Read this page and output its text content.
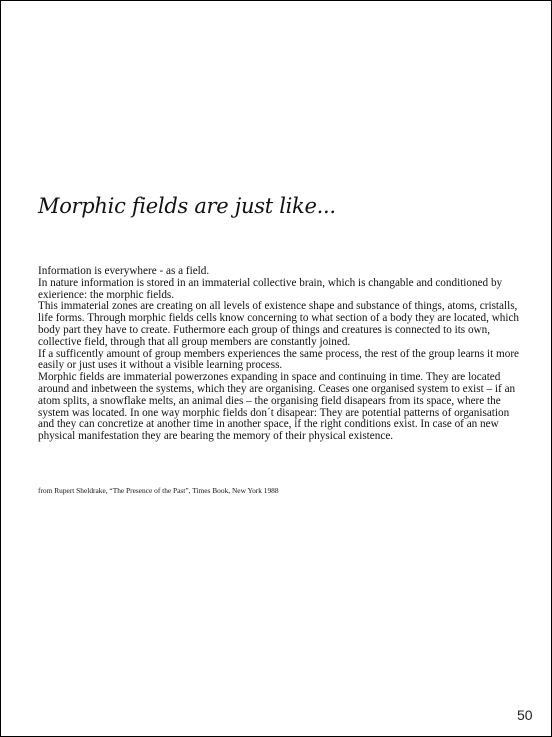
Morphic fields are just like...

Information is everywhere - as a field.

In nature information is stored in an immaterial collective brain, which is changable and conditioned by exierience: the morphic fields.

This immaterial zones are creating on all levels of existence shape and substance of things, atoms, cristalls, life forms. Through morphic fields cells know concerning to what section of a body they are located, which body part they have to create. Futhermore each group of things and creatures is connected to its own, collective field, through that all group members are constantly joined.

If a sufficently amount of group members experiences the same process, the rest of the group learns it more easily or just uses it without a visible learning process.

Morphic fields are immaterial powerzones expanding in space and continuing in time. They are located around and inbetween the systems, which they are organising. Ceases one organised system to exist – if an atom splits, a snowflake melts, an animal dies – the organising field disapears from its space, where the system was located. In one way morphic fields don´t disapear: They are potential patterns of organisation and they can concretize at another time in another space, if the right conditions exist. In case of an new physical manifestation they are bearing the memory of their physical existence.

from Rupert Sheldrake, “The Presence of the Past”, Times Book, New York 1988
50
